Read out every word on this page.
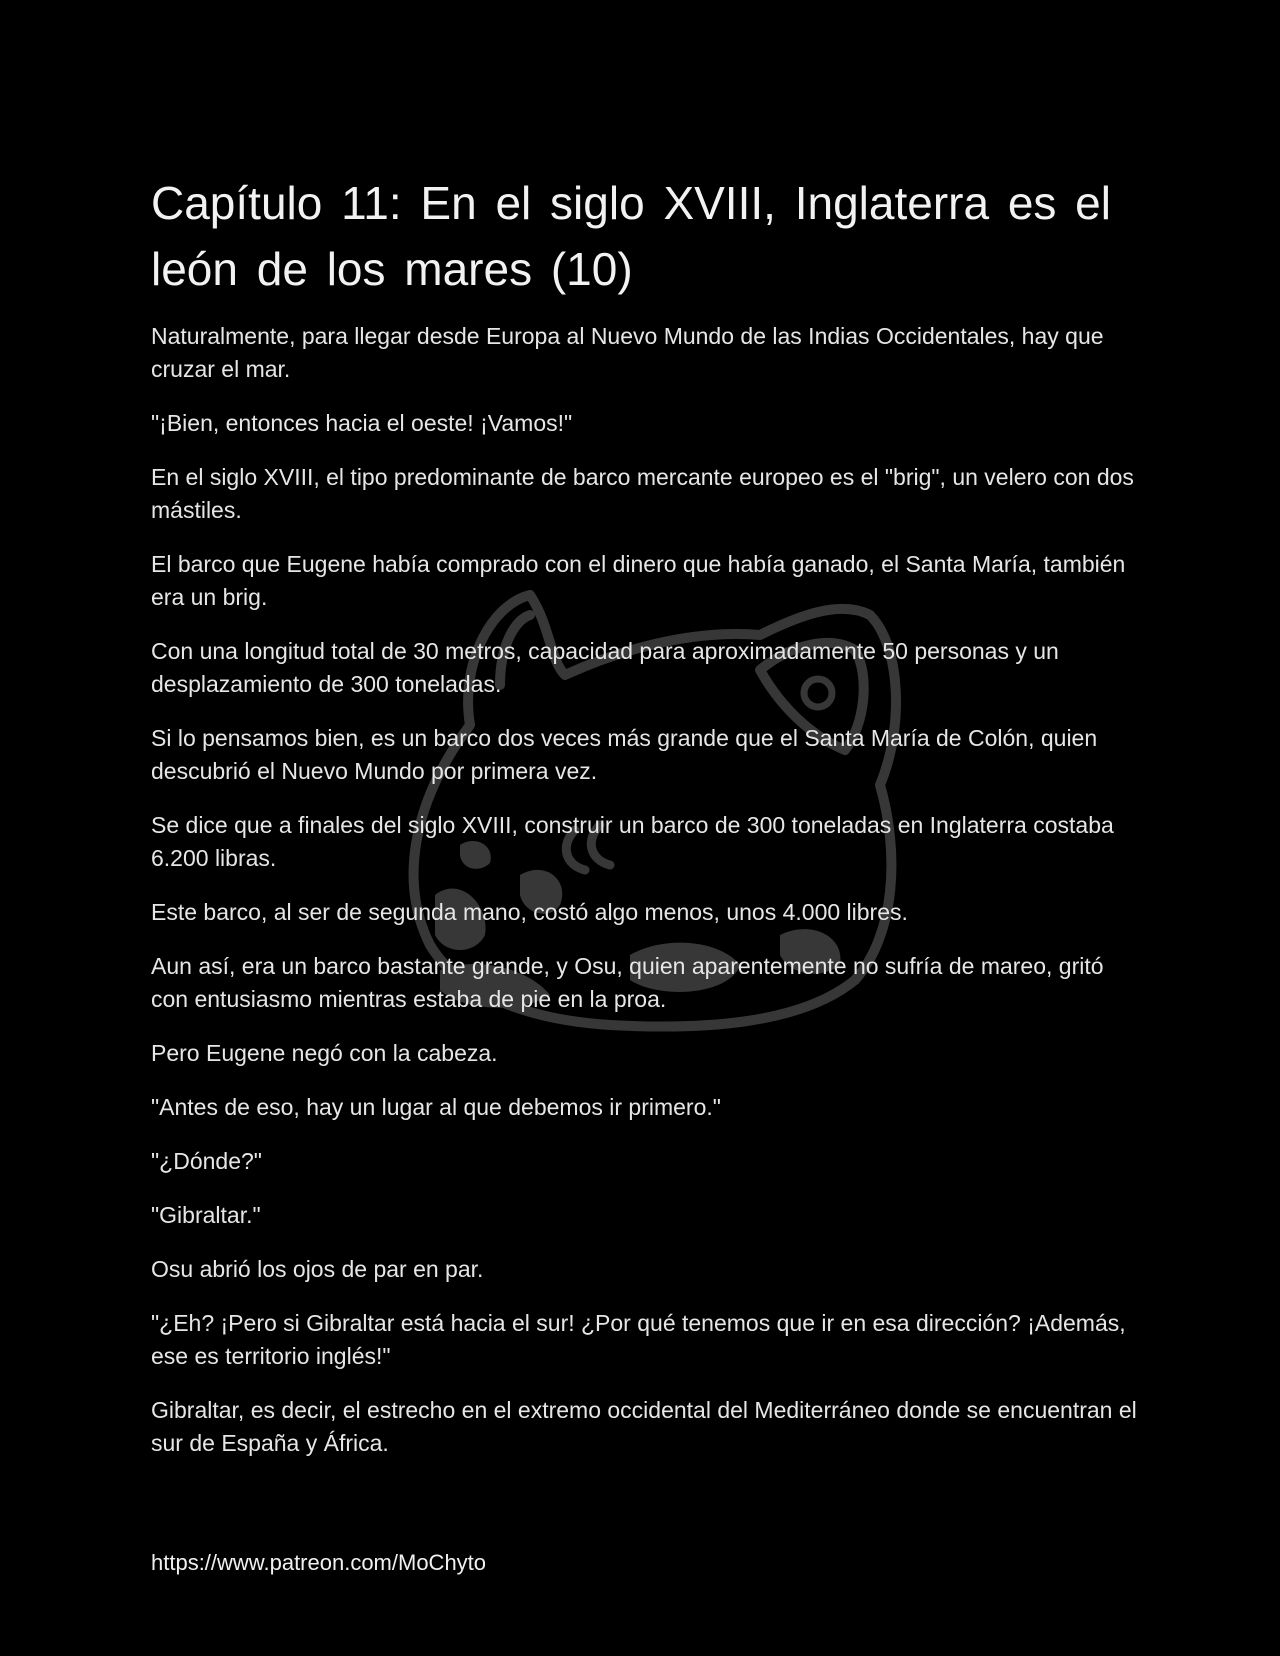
Capítulo 11: En el siglo XVIII, Inglaterra es el león de los mares (10)

Naturalmente, para llegar desde Europa al Nuevo Mundo de las Indias Occidentales, hay que cruzar el mar.

"¡Bien, entonces hacia el oeste! ¡Vamos!"

En el siglo XVIII, el tipo predominante de barco mercante europeo es el "brig", un velero con dos mástiles.

El barco que Eugene había comprado con el dinero que había ganado, el Santa María, también era un brig.

Con una longitud total de 30 metros, capacidad para aproximadamente 50 personas y un desplazamiento de 300 toneladas.

Si lo pensamos bien, es un barco dos veces más grande que el Santa María de Colón, quien descubrió el Nuevo Mundo por primera vez.

Se dice que a finales del siglo XVIII, construir un barco de 300 toneladas en Inglaterra costaba 6.200 libras.

Este barco, al ser de segunda mano, costó algo menos, unos 4.000 libres.

Aun así, era un barco bastante grande, y Osu, quien aparentemente no sufría de mareo, gritó con entusiasmo mientras estaba de pie en la proa.

Pero Eugene negó con la cabeza.

"Antes de eso, hay un lugar al que debemos ir primero."

"¿Dónde?"

"Gibraltar."

Osu abrió los ojos de par en par.

"¿Eh? ¡Pero si Gibraltar está hacia el sur! ¿Por qué tenemos que ir en esa dirección? ¡Además, ese es territorio inglés!"

Gibraltar, es decir, el estrecho en el extremo occidental del Mediterráneo donde se encuentran el sur de España y África.

https://www.patreon.com/MoChyto
